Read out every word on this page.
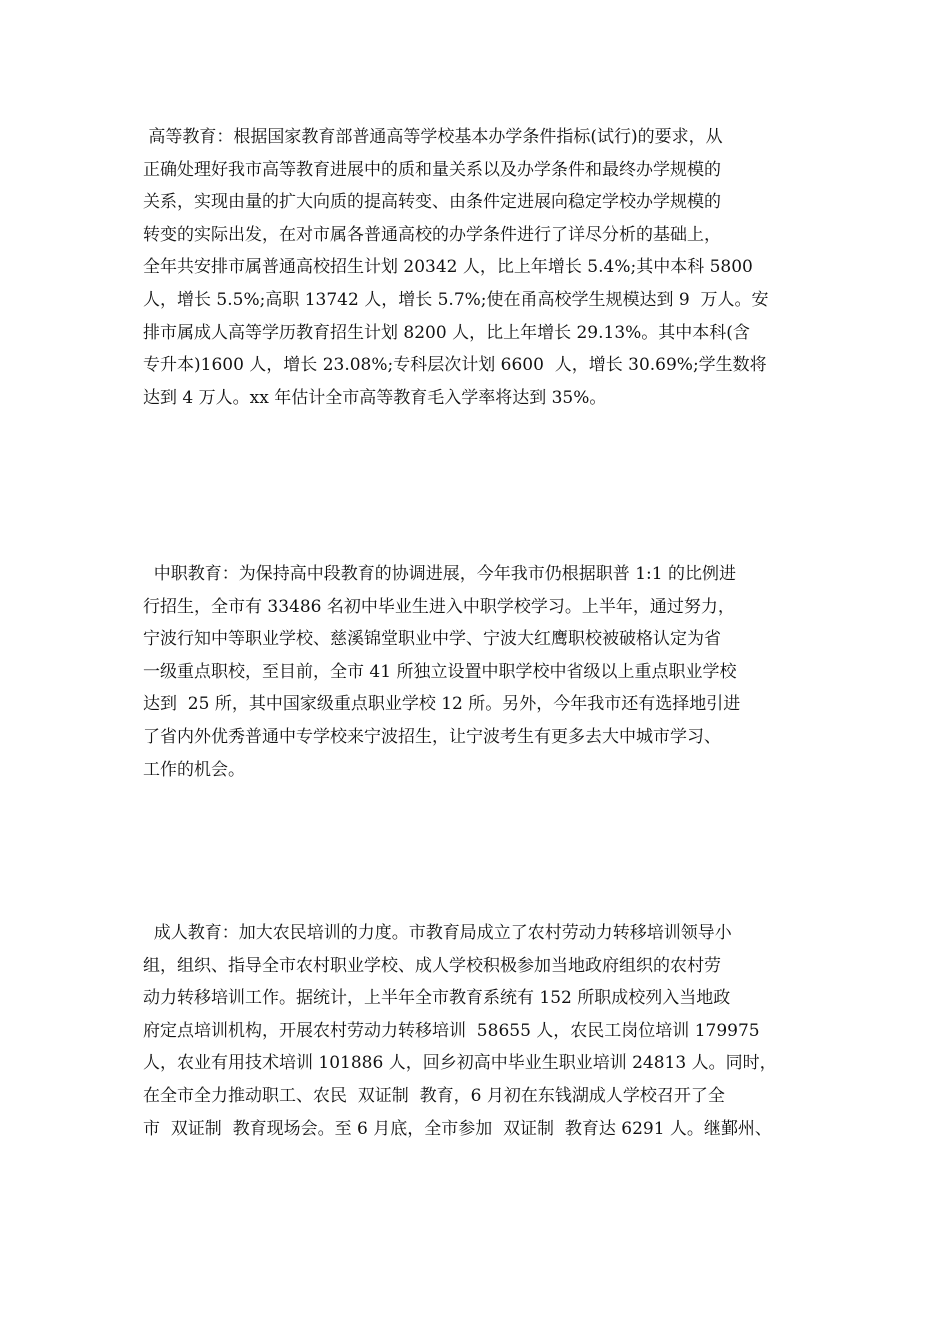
高等教育：根据国家教育部普通高等学校基本办学条件指标(试行)的要求，从
正确处理好我市高等教育进展中的质和量关系以及办学条件和最终办学规模的
关系，实现由量的扩大向质的提高转变、由条件定进展向稳定学校办学规模的
转变的实际出发，在对市属各普通高校的办学条件进行了详尽分析的基础上，
全年共安排市属普通高校招生计划 20342 人，比上年增长 5.4%;其中本科 5800
人，增长 5.5%;高职 13742 人，增长 5.7%;使在甬高校学生规模达到 9  万人。安
排市属成人高等学历教育招生计划 8200 人，比上年增长 29.13%。其中本科(含
专升本)1600 人，增长 23.08%;专科层次计划 6600  人，增长 30.69%;学生数将
达到 4 万人。xx 年估计全市高等教育毛入学率将达到 35%。
中职教育：为保持高中段教育的协调进展，今年我市仍根据职普 1:1 的比例进
行招生，全市有 33486 名初中毕业生进入中职学校学习。上半年，通过努力，
宁波行知中等职业学校、慈溪锦堂职业中学、宁波大红鹰职校被破格认定为省
一级重点职校，至目前，全市 41 所独立设置中职学校中省级以上重点职业学校
达到  25 所，其中国家级重点职业学校 12 所。另外，今年我市还有选择地引进
了省内外优秀普通中专学校来宁波招生，让宁波考生有更多去大中城市学习、
工作的机会。
成人教育：加大农民培训的力度。市教育局成立了农村劳动力转移培训领导小
组，组织、指导全市农村职业学校、成人学校积极参加当地政府组织的农村劳
动力转移培训工作。据统计，上半年全市教育系统有 152 所职成校列入当地政
府定点培训机构，开展农村劳动力转移培训  58655 人，农民工岗位培训 179975
人，农业有用技术培训 101886 人，回乡初高中毕业生职业培训 24813 人。同时，
在全市全力推动职工、农民  双证制  教育，6 月初在东钱湖成人学校召开了全
市  双证制  教育现场会。至 6 月底，全市参加  双证制  教育达 6291 人。继鄞州、
